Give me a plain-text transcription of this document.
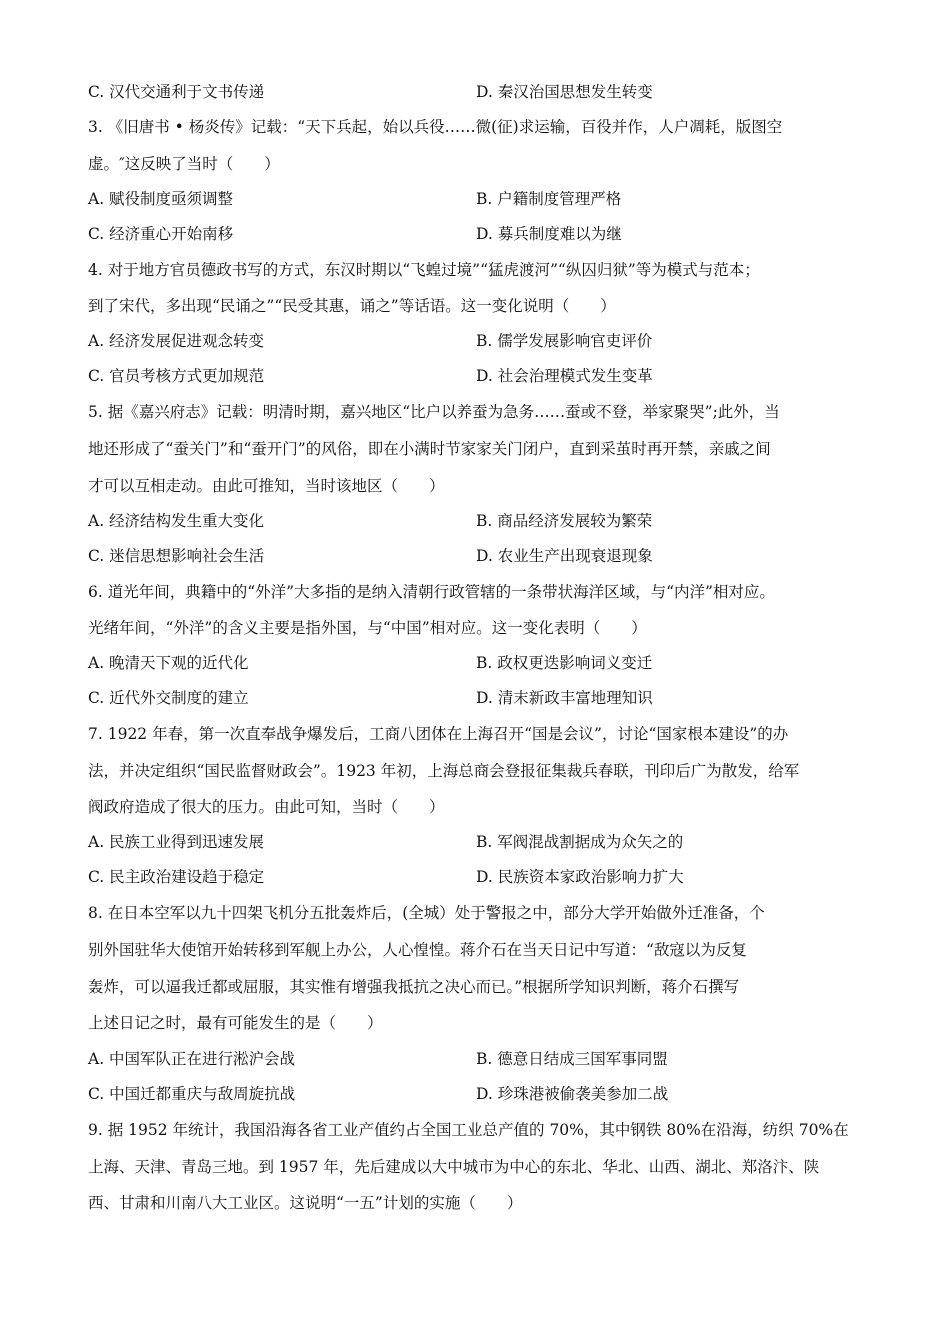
C. 汉代交通利于文书传递	D. 秦汉治国思想发生转变
3. 《旧唐书 • 杨炎传》记载：“天下兵起，始以兵役……微(征)求运输，百役并作，人户凋耗，版图空
虚。″这反映了当时（　　）
A. 赋役制度亟须调整	B. 户籍制度管理严格
C. 经济重心开始南移	D. 募兵制度难以为继
4. 对于地方官员德政书写的方式，东汉时期以“飞蝗过境”“猛虎渡河”“纵囚归狱”等为模式与范本；
到了宋代，多出现“民诵之”“民受其惠，诵之”等话语。这一变化说明（　　）
A. 经济发展促进观念转变	B. 儒学发展影响官吏评价
C. 官员考核方式更加规范	D. 社会治理模式发生变革
5. 据《嘉兴府志》记载：明清时期，嘉兴地区“比户以养蚕为急务……蚕或不登，举家聚哭”;此外，当
地还形成了“蚕关门”和“蚕开门”的风俗，即在小满时节家家关门闭户，直到采茧时再开禁，亲戚之间
才可以互相走动。由此可推知，当时该地区（　　）
A. 经济结构发生重大变化	B. 商品经济发展较为繁荣
C. 迷信思想影响社会生活	D. 农业生产出现衰退现象
6. 道光年间，典籍中的“外洋”大多指的是纳入清朝行政管辖的一条带状海洋区域，与“内洋”相对应。
光绪年间，“外洋”的含义主要是指外国，与“中国”相对应。这一变化表明（　　）
A. 晚清天下观的近代化	B. 政权更迭影响词义变迁
C. 近代外交制度的建立	D. 清末新政丰富地理知识
7. 1922 年春，第一次直奉战争爆发后，工商八团体在上海召开“国是会议”，讨论“国家根本建设”的办
法，并决定组织“国民监督财政会”。1923 年初，上海总商会登报征集裁兵春联，刊印后广为散发，给军
阀政府造成了很大的压力。由此可知，当时（　　）
A. 民族工业得到迅速发展	B. 军阀混战割据成为众矢之的
C. 民主政治建设趋于稳定	D. 民族资本家政治影响力扩大
8. 在日本空军以九十四架飞机分五批轰炸后，(全城）处于警报之中，部分大学开始做外迁准备，个
别外国驻华大使馆开始转移到军舰上办公，人心惶惶。蒋介石在当天日记中写道：“敌寇以为反复
轰炸，可以逼我迁都或屈服，其实惟有增强我抵抗之决心而已。”根据所学知识判断，蒋介石撰写
上述日记之时，最有可能发生的是（　　）
A. 中国军队正在进行淞沪会战	B. 德意日结成三国军事同盟
C. 中国迁都重庆与敌周旋抗战	D. 珍珠港被偷袭美参加二战
9. 据 1952 年统计，我国沿海各省工业产值约占全国工业总产值的 70%，其中钢铁 80%在沿海，纺织 70%在
上海、天津、青岛三地。到 1957 年，先后建成以大中城市为中心的东北、华北、山西、湖北、郑洛汴、陕
西、甘肃和川南八大工业区。这说明“一五”计划的实施（　　）
